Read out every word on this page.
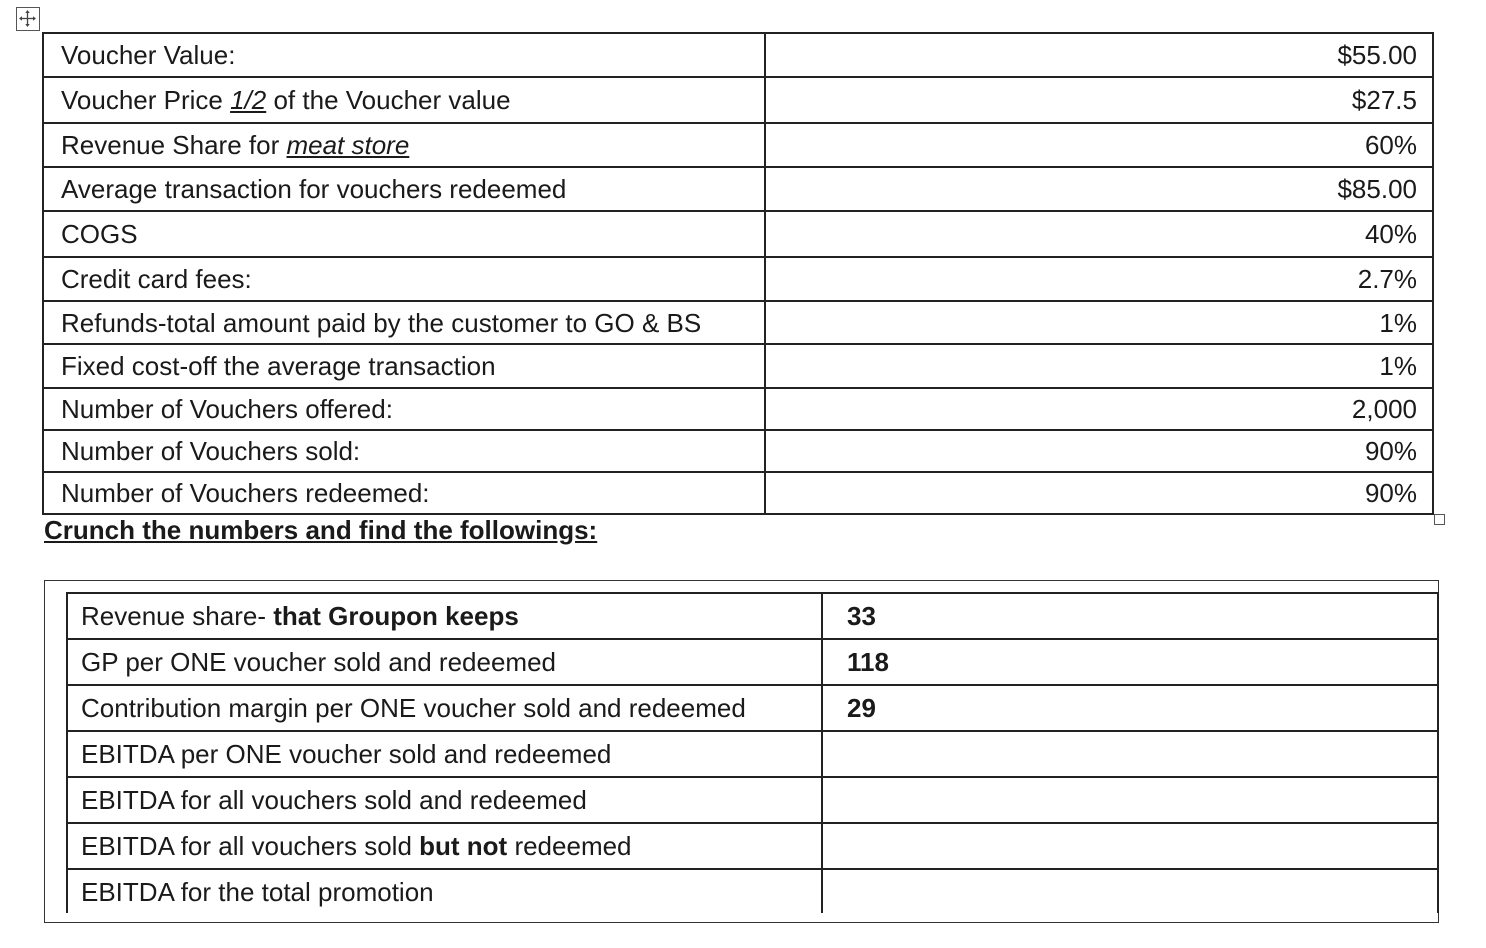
Voucher Value:	$55.00
Voucher Price 1/2 of the Voucher value	$27.5
Revenue Share for meat store	60%
Average transaction for vouchers redeemed	$85.00
COGS	40%
Credit card fees:	2.7%
Refunds-total amount paid by the customer to GO & BS	1%
Fixed cost-off the average transaction	1%
Number of Vouchers offered:	2,000
Number of Vouchers sold:	90%
Number of Vouchers redeemed:	90%
Crunch the numbers and find the followings:
Revenue share- that Groupon keeps	33
GP per ONE voucher sold and redeemed	118
Contribution margin per ONE voucher sold and redeemed	29
EBITDA per ONE voucher sold and redeemed	
EBITDA for all vouchers sold and redeemed	
EBITDA for all vouchers sold but not redeemed	
EBITDA for the total promotion	
